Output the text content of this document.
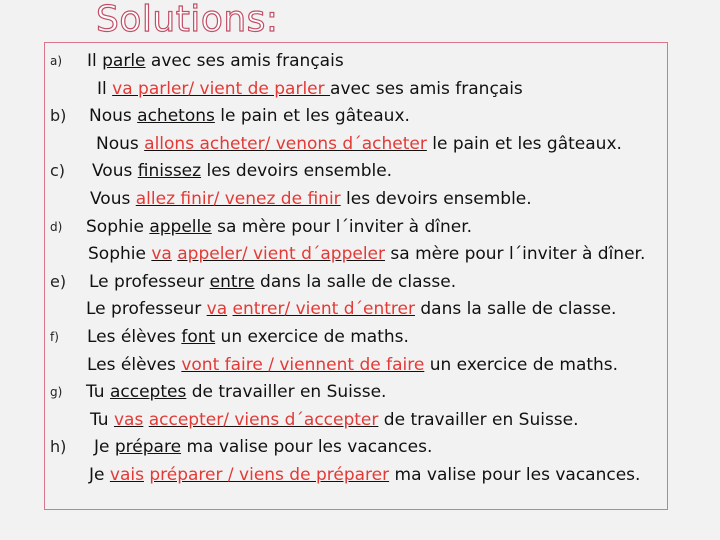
Solutions:
a) Il parle avec ses amis français
Il va parler/ vient de parler avec ses amis français
b) Nous achetons le pain et les gâteaux.
Nous allons acheter/ venons d´acheter le pain et les gâteaux.
c) Vous finissez les devoirs ensemble.
Vous allez finir/ venez de finir les devoirs ensemble.
d) Sophie appelle sa mère pour l´inviter à dîner.
Sophie va appeler/ vient d´appeler sa mère pour l´inviter à dîner.
e) Le professeur entre dans la salle de classe.
Le professeur va entrer/ vient d´entrer dans la salle de classe.
f) Les élèves font un exercice de maths.
Les élèves vont faire / viennent de faire un exercice de maths.
g) Tu acceptes de travailler en Suisse.
Tu vas accepter/ viens d´accepter de travailler en Suisse.
h) Je prépare ma valise pour les vacances.
Je vais préparer / viens de préparer ma valise pour les vacances.
